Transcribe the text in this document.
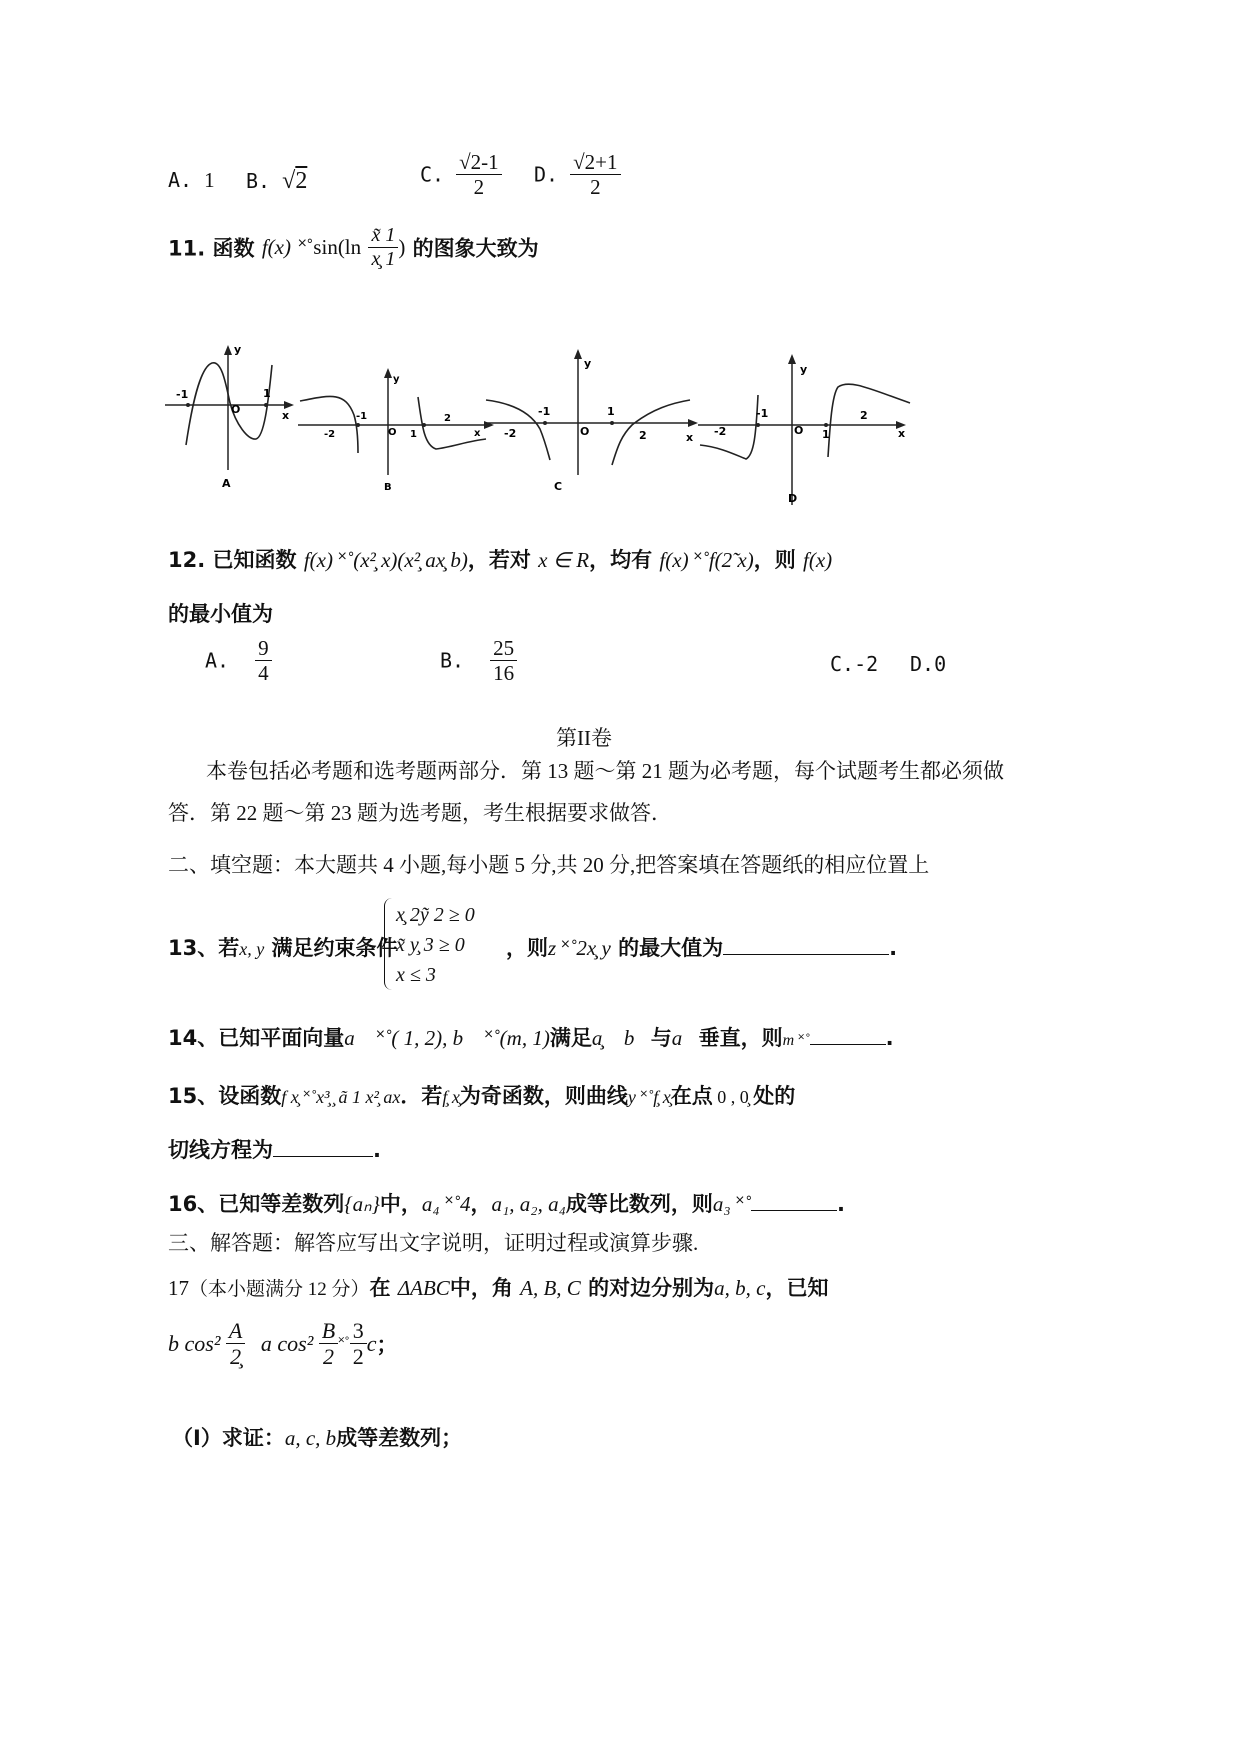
A. 1 B. √2	C. $\frac{√2-1}{2} D$. $\frac{√2+1}{2}$
11. 函数 f(x) ˟˚sin(ln $\frac{x̃ 1}{x̧ 1}$ ) 的图象大致为
-1	1
O
y
x
A
-2
-1
O 1
2
y
x
B
-2
-1
O
1
2
y
x
C
-2
-1
O 1
2
y
x
D
12. 已知函数 f(x) ˟˚(x²̧ x)(x²̧ ax̧ b)，若对 x ∈ R，均有 f(x) ˟˚f(2̃ x)，则 f(x)
的最小值为
A. $\frac{9}{4}$	B. $\frac{25}{16}$	C.-2 D.0
第II卷
本卷包括必考题和选考题两部分．第 13 题～第 21 题为必考题，每个试题考生都必须做
答．第 22 题～第 23 题为选考题，考生根据要求做答．
二、填空题：本大题共 4 小题,每小题 5 分,共 20 分,把答案填在答题纸的相应位置上
13、若x, y 满足约束条件
x̧ 2ỹ 2 ≥ 0
x̃ y̧ 3 ≥ 0
x ≤ 3
，则z ˟˚2x̧ y 的最大值为	.
14、已知平面向量a⃗ ˟˚( 1, 2), b⃗ ˟˚(m, 1)满足a̧⃗ b⃗与a⃗垂直，则m ˟˚	.
15、设函数f x̧ ˟˚x³̧ ̧ ã 1 x²̧ ax．若f̧ x̧为奇函数，则曲线y ˟˚f̧ x̧在点 0 , 0̧ 处的
切线方程为	.
16、已知等差数列{aₙ}中，a₄ ˟˚4，a₁, a₂, a₄成等比数列，则a₃ ˟˚	.
三、解答题：解答应写出文字说明，证明过程或演算步骤.
17（本小题满分 12 分）在 ΔABC中，角 A, B, C 的对边分别为a, b, c，已知
b $\cos^2 \frac{A}{2̧}$ a $\cos^2 \frac{B}{2}$ ˟˚ $\frac{3}{2}$ c；
（I）求证：a, c, b成等差数列；
